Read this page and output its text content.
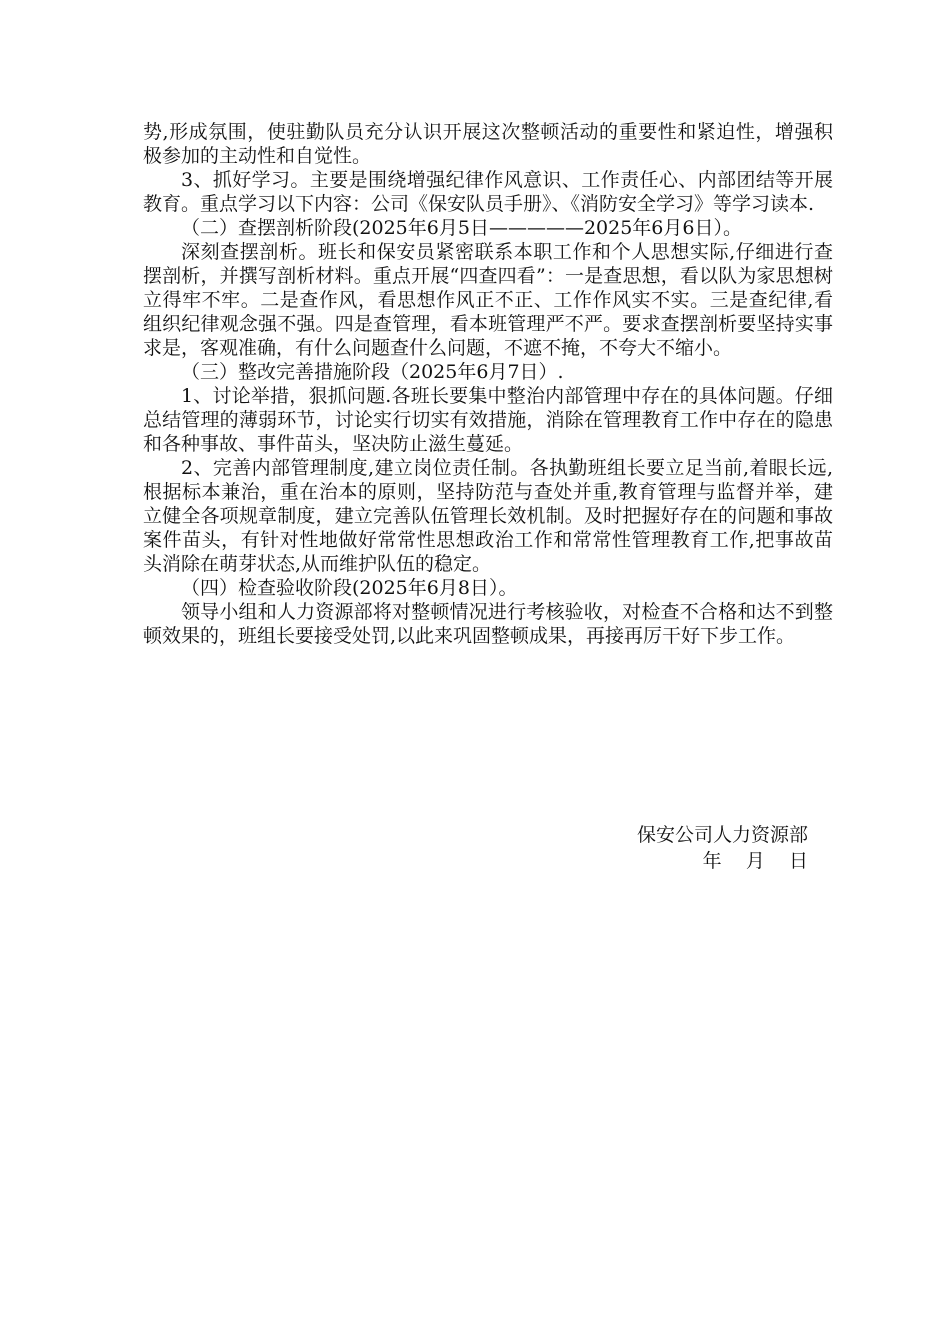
势,形成氛围，使驻勤队员充分认识开展这次整顿活动的重要性和紧迫性，增强积极参加的主动性和自觉性。

3、抓好学习。主要是围绕增强纪律作风意识、工作责任心、内部团结等开展教育。重点学习以下内容：公司《保安队员手册》、《消防安全学习》等学习读本.

（二）查摆剖析阶段(2025年6月5日—————2025年6月6日）。

深刻查摆剖析。班长和保安员紧密联系本职工作和个人思想实际,仔细进行查摆剖析，并撰写剖析材料。重点开展“四查四看”：一是查思想，看以队为家思想树立得牢不牢。二是查作风，看思想作风正不正、工作作风实不实。三是查纪律,看组织纪律观念强不强。四是查管理，看本班管理严不严。要求查摆剖析要坚持实事求是，客观准确，有什么问题查什么问题，不遮不掩，不夸大不缩小。

（三）整改完善措施阶段（2025年6月7日）.

1、讨论举措，狠抓问题.各班长要集中整治内部管理中存在的具体问题。仔细总结管理的薄弱环节，讨论实行切实有效措施，消除在管理教育工作中存在的隐患和各种事故、事件苗头，坚决防止滋生蔓延。

2、完善内部管理制度,建立岗位责任制。各执勤班组长要立足当前,着眼长远,根据标本兼治，重在治本的原则，坚持防范与查处并重,教育管理与监督并举，建立健全各项规章制度，建立完善队伍管理长效机制。及时把握好存在的问题和事故案件苗头，有针对性地做好常常性思想政治工作和常常性管理教育工作,把事故苗头消除在萌芽状态,从而维护队伍的稳定。

（四）检查验收阶段(2025年6月8日）。

领导小组和人力资源部将对整顿情况进行考核验收，对检查不合格和达不到整顿效果的，班组长要接受处罚,以此来巩固整顿成果，再接再厉干好下步工作。

保安公司人力资源部
年    月    日
